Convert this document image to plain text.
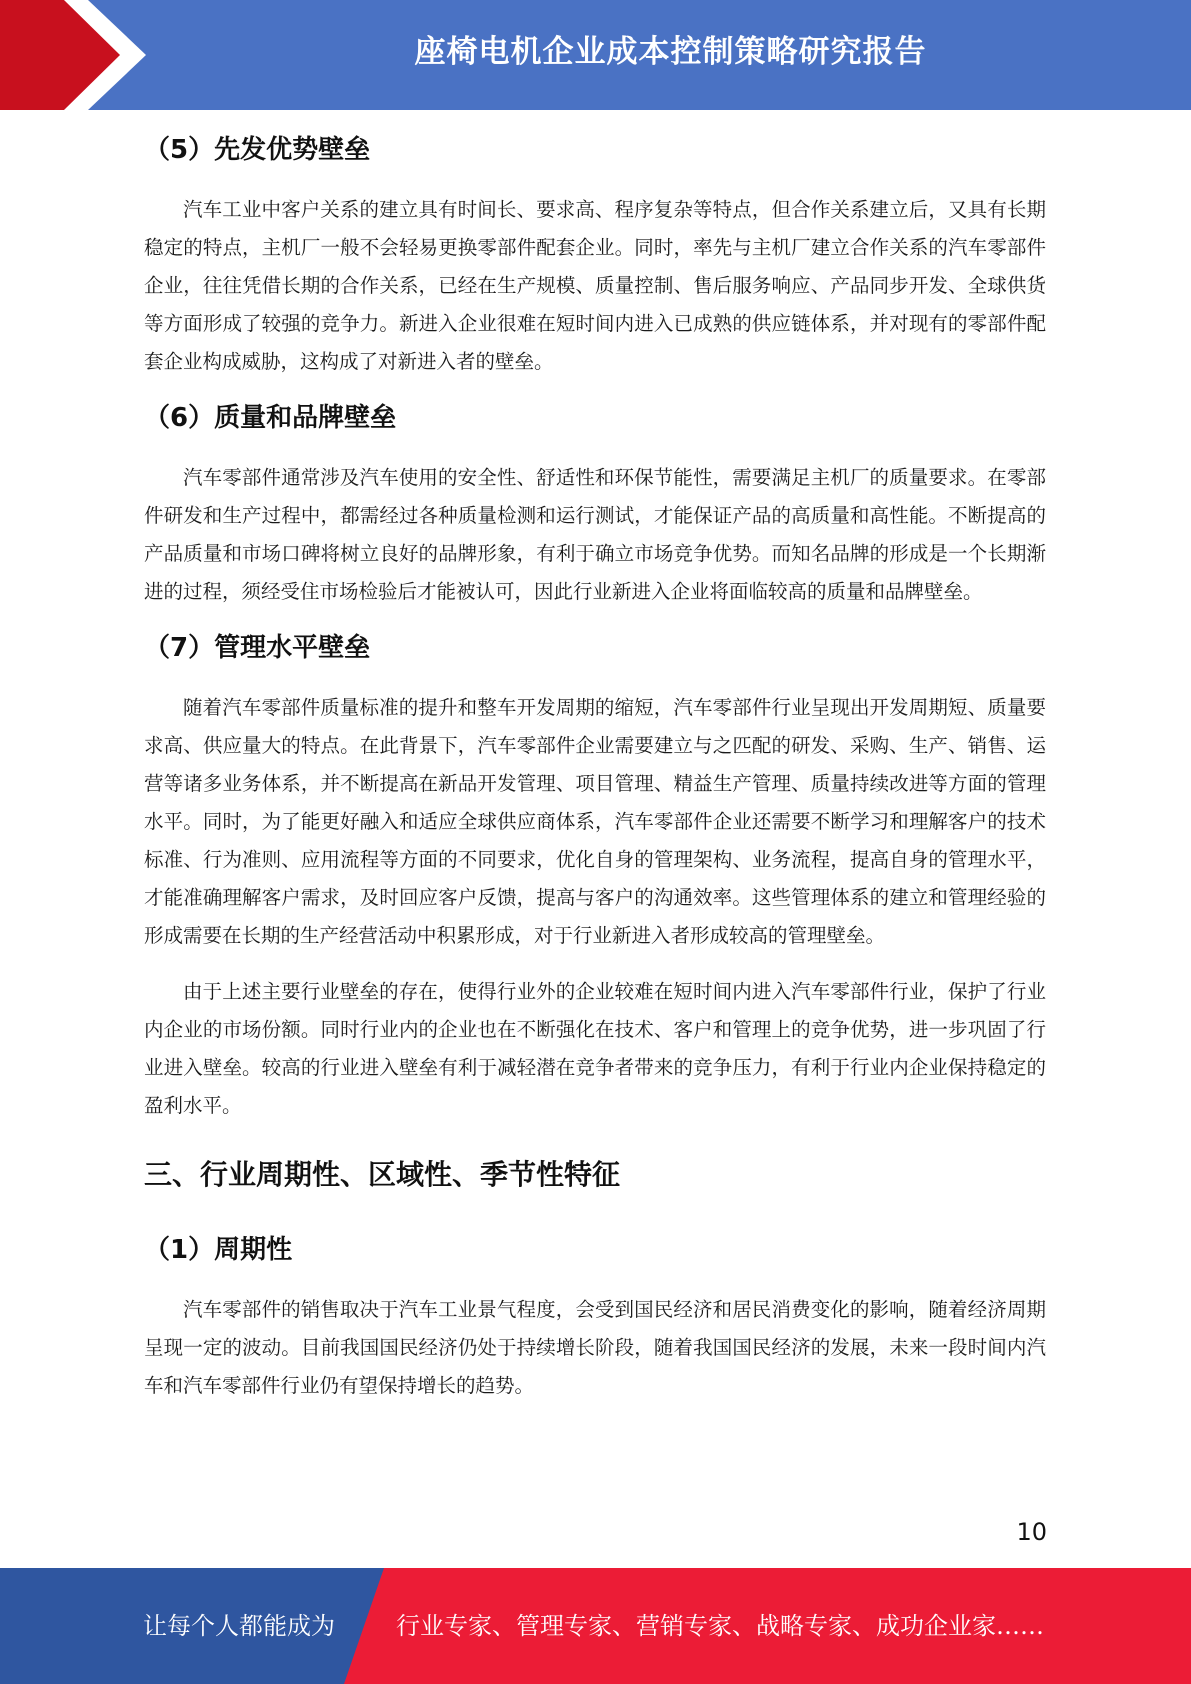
座椅电机企业成本控制策略研究报告
（5）先发优势壁垒

汽车工业中客户关系的建立具有时间长、要求高、程序复杂等特点，但合作关系建立后，又具有长期稳定的特点，主机厂一般不会轻易更换零部件配套企业。同时，率先与主机厂建立合作关系的汽车零部件企业，往往凭借长期的合作关系，已经在生产规模、质量控制、售后服务响应、产品同步开发、全球供货等方面形成了较强的竞争力。新进入企业很难在短时间内进入已成熟的供应链体系，并对现有的零部件配套企业构成威胁，这构成了对新进入者的壁垒。

（6）质量和品牌壁垒

汽车零部件通常涉及汽车使用的安全性、舒适性和环保节能性，需要满足主机厂的质量要求。在零部件研发和生产过程中，都需经过各种质量检测和运行测试，才能保证产品的高质量和高性能。不断提高的产品质量和市场口碑将树立良好的品牌形象，有利于确立市场竞争优势。而知名品牌的形成是一个长期渐进的过程，须经受住市场检验后才能被认可，因此行业新进入企业将面临较高的质量和品牌壁垒。

（7）管理水平壁垒

随着汽车零部件质量标准的提升和整车开发周期的缩短，汽车零部件行业呈现出开发周期短、质量要求高、供应量大的特点。在此背景下，汽车零部件企业需要建立与之匹配的研发、采购、生产、销售、运营等诸多业务体系，并不断提高在新品开发管理、项目管理、精益生产管理、质量持续改进等方面的管理水平。同时，为了能更好融入和适应全球供应商体系，汽车零部件企业还需要不断学习和理解客户的技术标准、行为准则、应用流程等方面的不同要求，优化自身的管理架构、业务流程，提高自身的管理水平，才能准确理解客户需求，及时回应客户反馈，提高与客户的沟通效率。这些管理体系的建立和管理经验的形成需要在长期的生产经营活动中积累形成，对于行业新进入者形成较高的管理壁垒。

由于上述主要行业壁垒的存在，使得行业外的企业较难在短时间内进入汽车零部件行业，保护了行业内企业的市场份额。同时行业内的企业也在不断强化在技术、客户和管理上的竞争优势，进一步巩固了行业进入壁垒。较高的行业进入壁垒有利于减轻潜在竞争者带来的竞争压力，有利于行业内企业保持稳定的盈利水平。

三、行业周期性、区域性、季节性特征
（1）周期性

汽车零部件的销售取决于汽车工业景气程度，会受到国民经济和居民消费变化的影响，随着经济周期呈现一定的波动。目前我国国民经济仍处于持续增长阶段，随着我国国民经济的发展，未来一段时间内汽车和汽车零部件行业仍有望保持增长的趋势。

10
让每个人都能成为	行业专家、管理专家、营销专家、战略专家、成功企业家……
